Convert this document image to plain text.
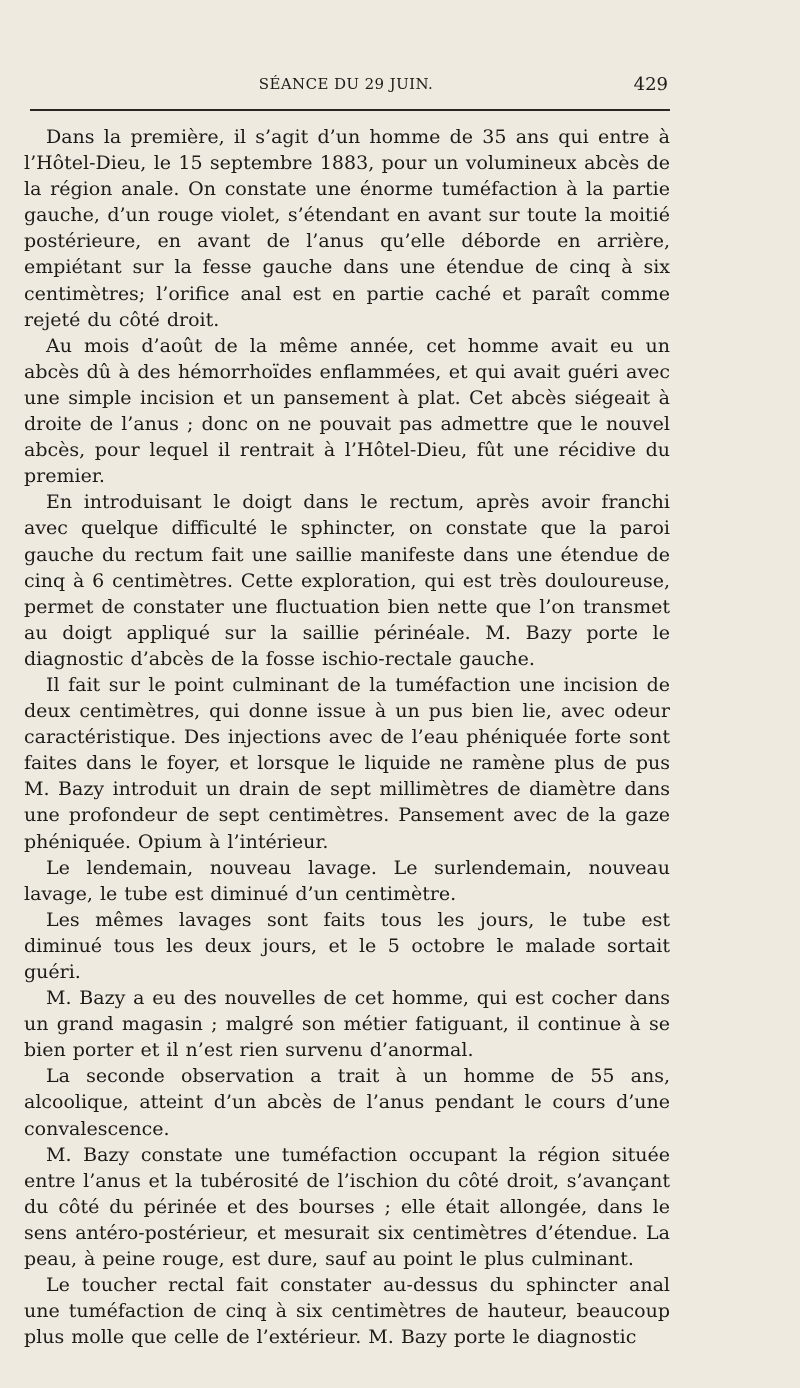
SÉANCE DU 29 JUIN.	429

Dans la première, il s’agit d’un homme de 35 ans qui entre à l’Hôtel-Dieu, le 15 septembre 1883, pour un volumineux abcès de la région anale. On constate une énorme tuméfaction à la partie gauche, d’un rouge violet, s’étendant en avant sur toute la moitié postérieure, en avant de l’anus qu’elle déborde en arrière, empiétant sur la fesse gauche dans une étendue de cinq à six centimètres; l’orifice anal est en partie caché et paraît comme rejeté du côté droit.

Au mois d’août de la même année, cet homme avait eu un abcès dû à des hémorrhoïdes enflammées, et qui avait guéri avec une simple incision et un pansement à plat. Cet abcès siégeait à droite de l’anus ; donc on ne pouvait pas admettre que le nouvel abcès, pour lequel il rentrait à l’Hôtel-Dieu, fût une récidive du premier.

En introduisant le doigt dans le rectum, après avoir franchi avec quelque difficulté le sphincter, on constate que la paroi gauche du rectum fait une saillie manifeste dans une étendue de cinq à 6 centimètres. Cette exploration, qui est très douloureuse, permet de constater une fluctuation bien nette que l’on transmet au doigt appliqué sur la saillie périnéale. M. Bazy porte le diagnostic d’abcès de la fosse ischio-rectale gauche.

Il fait sur le point culminant de la tuméfaction une incision de deux centimètres, qui donne issue à un pus bien lie, avec odeur caractéristique. Des injections avec de l’eau phéniquée forte sont faites dans le foyer, et lorsque le liquide ne ramène plus de pus M. Bazy introduit un drain de sept millimètres de diamètre dans une profondeur de sept centimètres. Pansement avec de la gaze phéniquée. Opium à l’intérieur.

Le lendemain, nouveau lavage. Le surlendemain, nouveau lavage, le tube est diminué d’un centimètre.

Les mêmes lavages sont faits tous les jours, le tube est diminué tous les deux jours, et le 5 octobre le malade sortait guéri.

M. Bazy a eu des nouvelles de cet homme, qui est cocher dans un grand magasin ; malgré son métier fatiguant, il continue à se bien porter et il n’est rien survenu d’anormal.

La seconde observation a trait à un homme de 55 ans, alcoolique, atteint d’un abcès de l’anus pendant le cours d’une convalescence.

M. Bazy constate une tuméfaction occupant la région située entre l’anus et la tubérosité de l’ischion du côté droit, s’avançant du côté du périnée et des bourses ; elle était allongée, dans le sens antéro-postérieur, et mesurait six centimètres d’étendue. La peau, à peine rouge, est dure, sauf au point le plus culminant.

Le toucher rectal fait constater au-dessus du sphincter anal une tuméfaction de cinq à six centimètres de hauteur, beaucoup plus molle que celle de l’extérieur. M. Bazy porte le diagnostic
